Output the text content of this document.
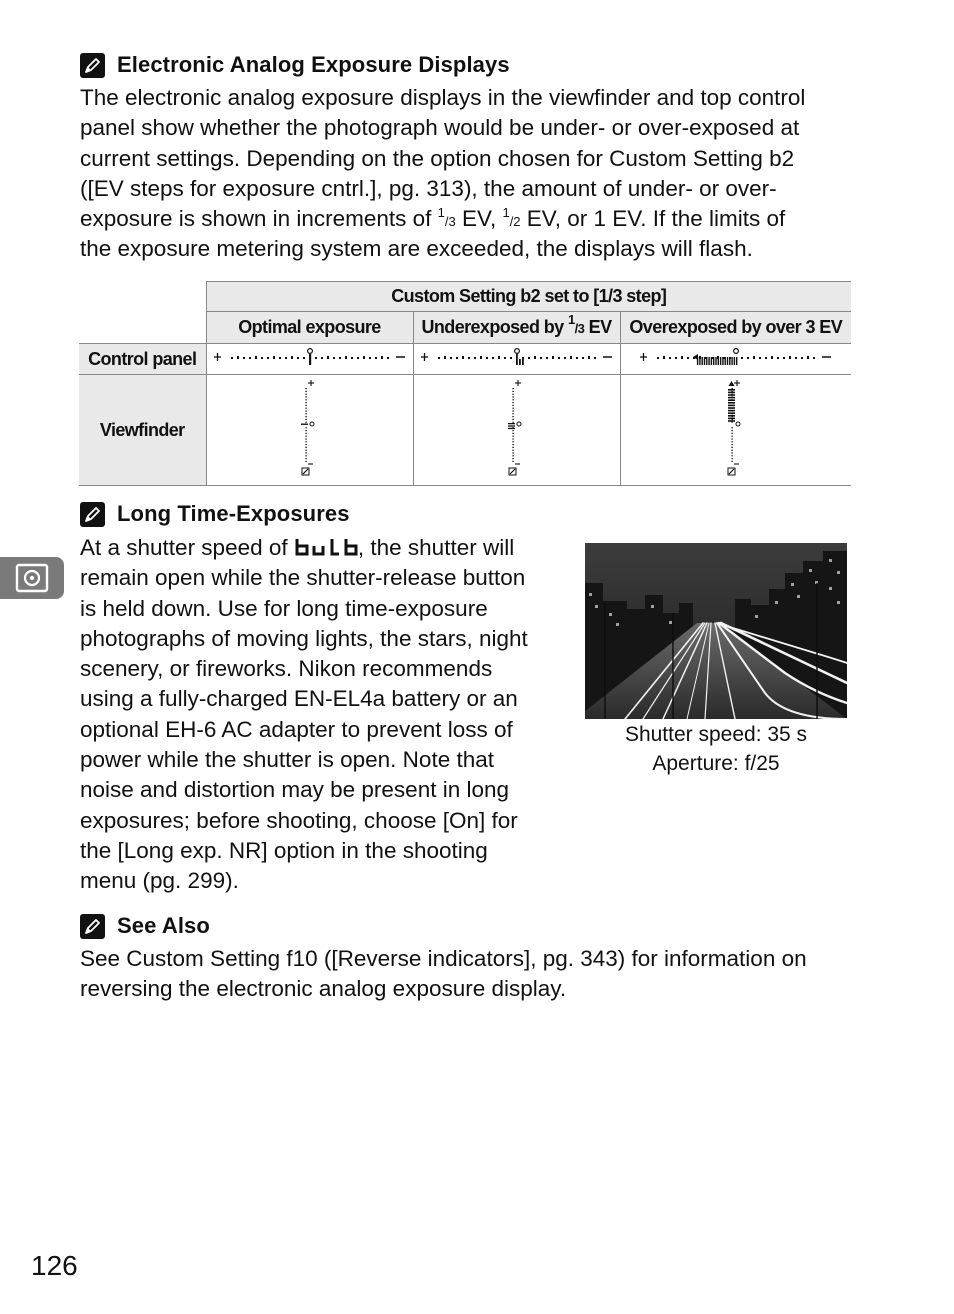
Electronic Analog Exposure Displays

The electronic analog exposure displays in the viewfinder and top control
panel show whether the photograph would be under- or over-exposed at
current settings. Depending on the option chosen for Custom Setting b2
([EV steps for exposure cntrl.], pg. 313), the amount of under- or over-
exposure is shown in increments of $^1$/3 EV, $^1$/2 EV, or 1 EV. If the limits of
the exposure metering system are exceeded, the displays will flash.

	Custom Setting b2 set to [1/3 step]		
	Optimal exposure	Underexposed by $^1$/3 EV	Overexposed by over 3 EV
Control panel			
Viewfinder			
Long Time-Exposures

At a shutter speed of bulb	, the shutter will
remain open while the shutter-release button
is held down. Use for long time-exposure
photographs of moving lights, the stars, night
scenery, or fireworks. Nikon recommends
using a fully-charged EN-EL4a battery or an
optional EH-6 AC adapter to prevent loss of
power while the shutter is open. Note that
noise and distortion may be present in long
exposures; before shooting, choose [On] for
the [Long exp. NR] option in the shooting
menu (pg. 299).

Shutter speed: 35 s
Aperture: f/25
See Also

See Custom Setting f10 ([Reverse indicators], pg. 343) for information on
reversing the electronic analog exposure display.

126
